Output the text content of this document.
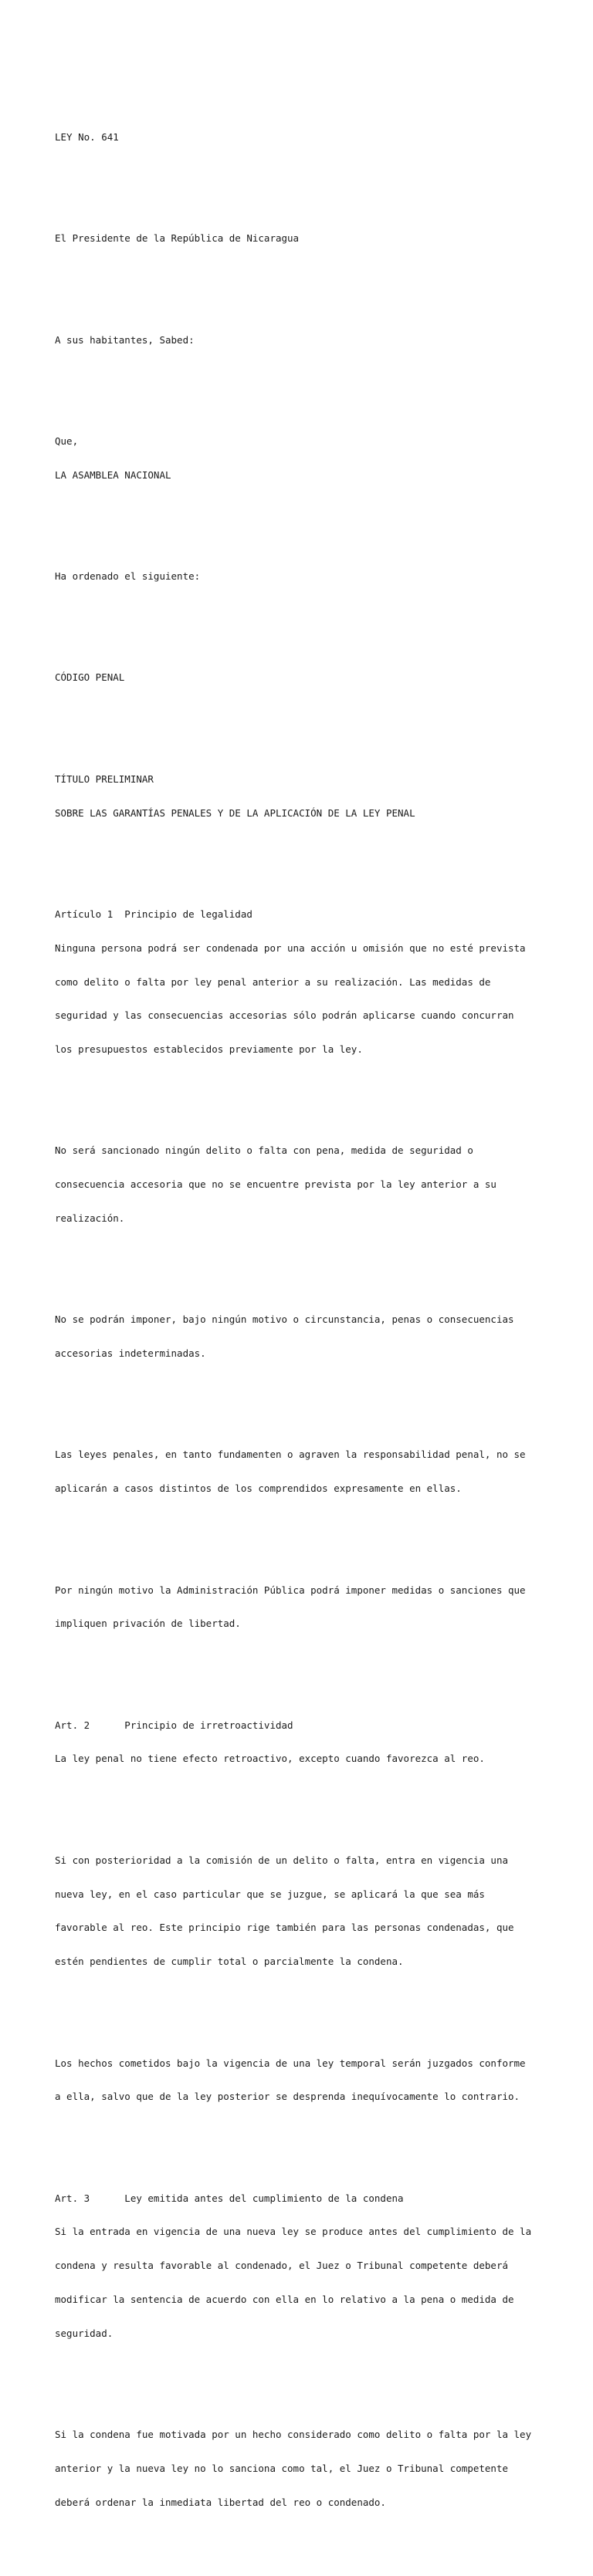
LEY No. 641

El Presidente de la República de Nicaragua

A sus habitantes, Sabed:

Que,

LA ASAMBLEA NACIONAL

Ha ordenado el siguiente:

CÓDIGO PENAL

TÍTULO PRELIMINAR

SOBRE LAS GARANTÍAS PENALES Y DE LA APLICACIÓN DE LA LEY PENAL

Artículo 1  Principio de legalidad

Ninguna persona podrá ser condenada por una acción u omisión que no esté prevista

como delito o falta por ley penal anterior a su realización. Las medidas de

seguridad y las consecuencias accesorias sólo podrán aplicarse cuando concurran

los presupuestos establecidos previamente por la ley.

No será sancionado ningún delito o falta con pena, medida de seguridad o

consecuencia accesoria que no se encuentre prevista por la ley anterior a su

realización.

No se podrán imponer, bajo ningún motivo o circunstancia, penas o consecuencias

accesorias indeterminadas.

Las leyes penales, en tanto fundamenten o agraven la responsabilidad penal, no se

aplicarán a casos distintos de los comprendidos expresamente en ellas.

Por ningún motivo la Administración Pública podrá imponer medidas o sanciones que

impliquen privación de libertad.

Art. 2      Principio de irretroactividad

La ley penal no tiene efecto retroactivo, excepto cuando favorezca al reo.

Si con posterioridad a la comisión de un delito o falta, entra en vigencia una

nueva ley, en el caso particular que se juzgue, se aplicará la que sea más

favorable al reo. Este principio rige también para las personas condenadas, que

estén pendientes de cumplir total o parcialmente la condena.

Los hechos cometidos bajo la vigencia de una ley temporal serán juzgados conforme

a ella, salvo que de la ley posterior se desprenda inequívocamente lo contrario.

Art. 3      Ley emitida antes del cumplimiento de la condena

Si la entrada en vigencia de una nueva ley se produce antes del cumplimiento de la

condena y resulta favorable al condenado, el Juez o Tribunal competente deberá

modificar la sentencia de acuerdo con ella en lo relativo a la pena o medida de

seguridad.

Si la condena fue motivada por un hecho considerado como delito o falta por la ley

anterior y la nueva ley no lo sanciona como tal, el Juez o Tribunal competente

deberá ordenar la inmediata libertad del reo o condenado.
